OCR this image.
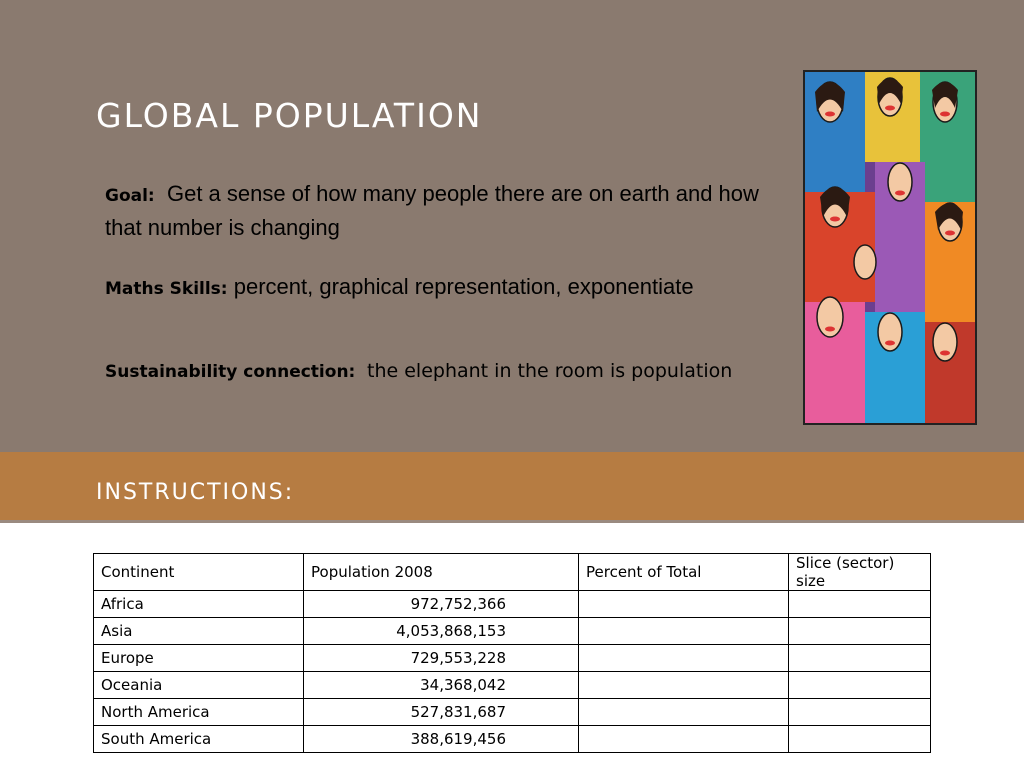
GLOBAL POPULATION
Goal: Get a sense of how many people there are on earth and how that number is changing
Maths Skills: percent, graphical representation, exponentiate
Sustainability connection: the elephant in the room is population
INSTRUCTIONS:
Continent	Population 2008	Percent of Total	Slice (sector) size
Africa	972,752,366		
Asia	4,053,868,153		
Europe	729,553,228		
Oceania	34,368,042		
North America	527,831,687		
South America	388,619,456		
